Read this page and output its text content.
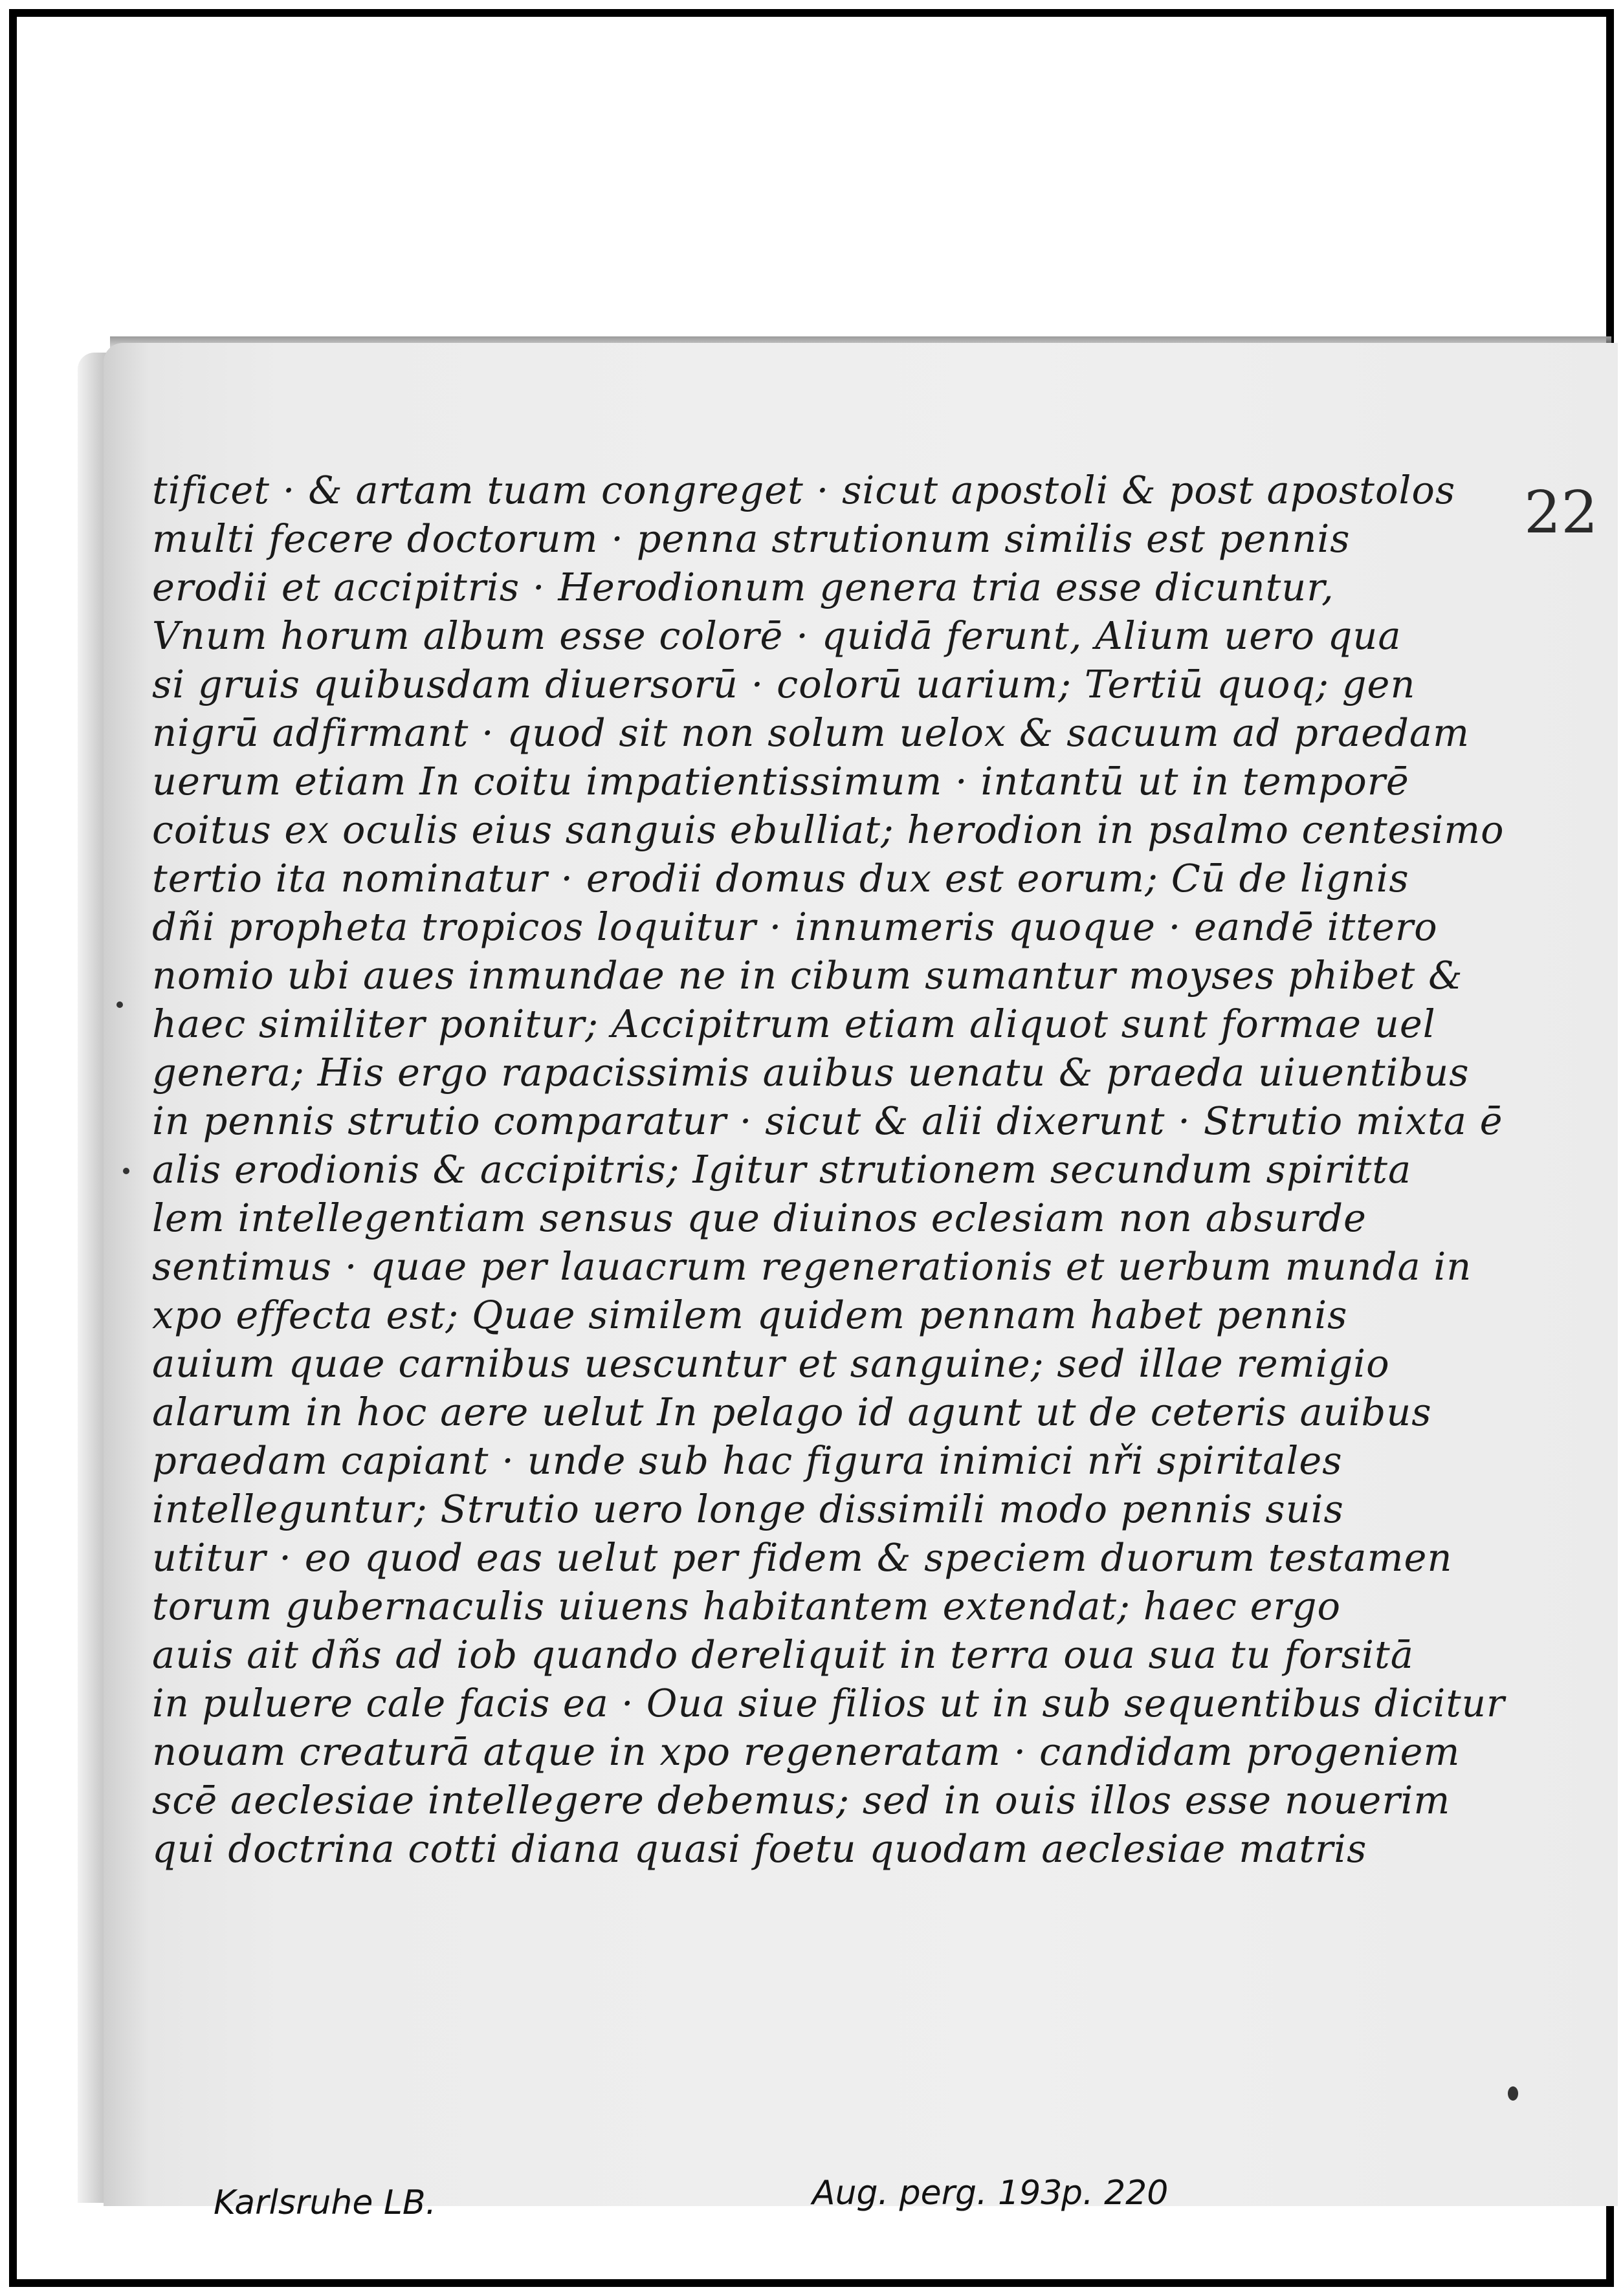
22
tificet · & artam tuam congreget · sicut apostoli & post apostolos
multi fecere doctorum · penna strutionum similis est pennis
erodii et accipitris · Herodionum genera tria esse dicuntur,
Vnum horum album esse colorē · quidā ferunt, Alium uero qua
si gruis quibusdam diuersorū · colorū uarium; Tertiū quoq; gen
nigrū adfirmant · quod sit non solum uelox & sacuum ad praedam
uerum etiam In coitu impatientissimum · intantū ut in temporē
coitus ex oculis eius sanguis ebulliat; herodion in psalmo centesimo
tertio ita nominatur · erodii domus dux est eorum; Cū de lignis
dñi propheta tropicos loquitur · innumeris quoque · eandē ittero
nomio ubi aues inmundae ne in cibum sumantur moyses phibet &
haec similiter ponitur; Accipitrum etiam aliquot sunt formae uel
genera; His ergo rapacissimis auibus uenatu & praeda uiuentibus
in pennis strutio comparatur · sicut & alii dixerunt · Strutio mixta ē
alis erodionis & accipitris; Igitur strutionem secundum spiritta
lem intellegentiam sensus que diuinos eclesiam non absurde
sentimus · quae per lauacrum regenerationis et uerbum munda in
xpo effecta est; Quae similem quidem pennam habet pennis
auium quae carnibus uescuntur et sanguine; sed illae remigio
alarum in hoc aere uelut In pelago id agunt ut de ceteris auibus
praedam capiant · unde sub hac figura inimici nři spiritales
intelleguntur; Strutio uero longe dissimili modo pennis suis
utitur · eo quod eas uelut per fidem & speciem duorum testamen
torum gubernaculis uiuens habitantem extendat; haec ergo
auis ait dñs ad iob quando dereliquit in terra oua sua tu forsitā
in puluere cale facis ea · Oua siue filios ut in sub sequentibus dicitur
nouam creaturā atque in xpo regeneratam · candidam progeniem
scē aeclesiae intellegere debemus; sed in ouis illos esse nouerim
qui doctrina cotti diana quasi foetu quodam aeclesiae matris
Karlsruhe LB.	Aug. perg. 193
p. 220
